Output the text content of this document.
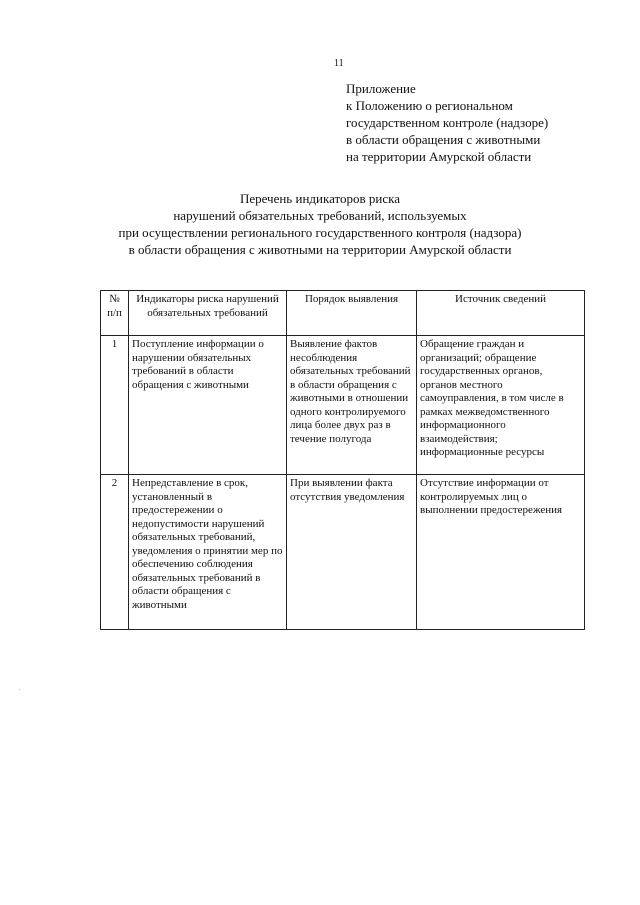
11
Приложение
к Положению о региональном
государственном контроле (надзоре)
в области обращения с животными
на территории Амурской области
Перечень индикаторов риска
нарушений обязательных требований, используемых
при осуществлении регионального государственного контроля (надзора)
в области обращения с животными на территории Амурской области
№ п/п	Индикаторы риска нарушений обязательных требований	Порядок выявления	Источник сведений
1	Поступление информации о нарушении обязательных требований в области обращения с животными	Выявление фактов несоблюдения обязательных требований в области обращения с животными в отношении одного контролируемого лица более двух раз в течение полугода	Обращение граждан и организаций; обращение государственных органов, органов местного самоуправления, в том числе в рамках межведомственного информационного взаимодействия; информационные ресурсы
2	Непредставление в срок, установленный в предостережении о недопустимости нарушений обязательных требований, уведомления о принятии мер по обеспечению соблюдения обязательных требований в области обращения с животными	При выявлении факта отсутствия уведомления	Отсутствие информации от контролируемых лиц о выполнении предостережения
